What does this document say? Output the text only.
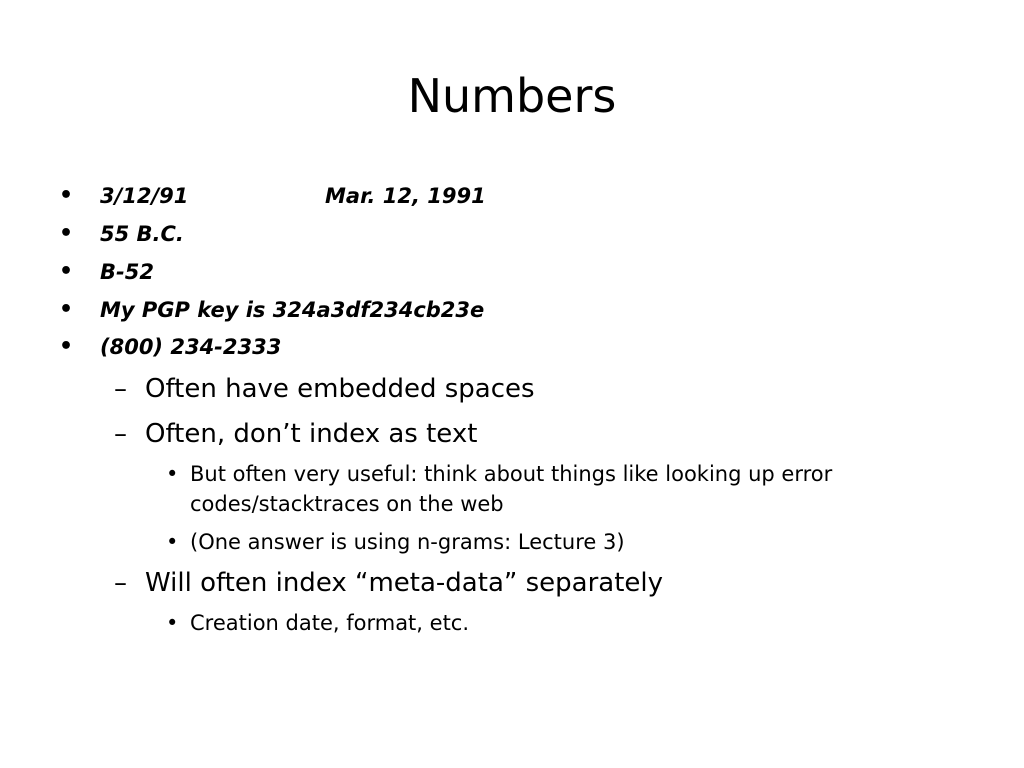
Numbers
• 3/12/91	Mar. 12, 1991
• 55 B.C.
• B-52
• My PGP key is 324a3df234cb23e
• (800) 234-2333
– Often have embedded spaces
– Often, don’t index as text
• But often very useful: think about things like looking up error
codes/stacktraces on the web
• (One answer is using n-grams: Lecture 3)
– Will often index “meta-data” separately
• Creation date, format, etc.
